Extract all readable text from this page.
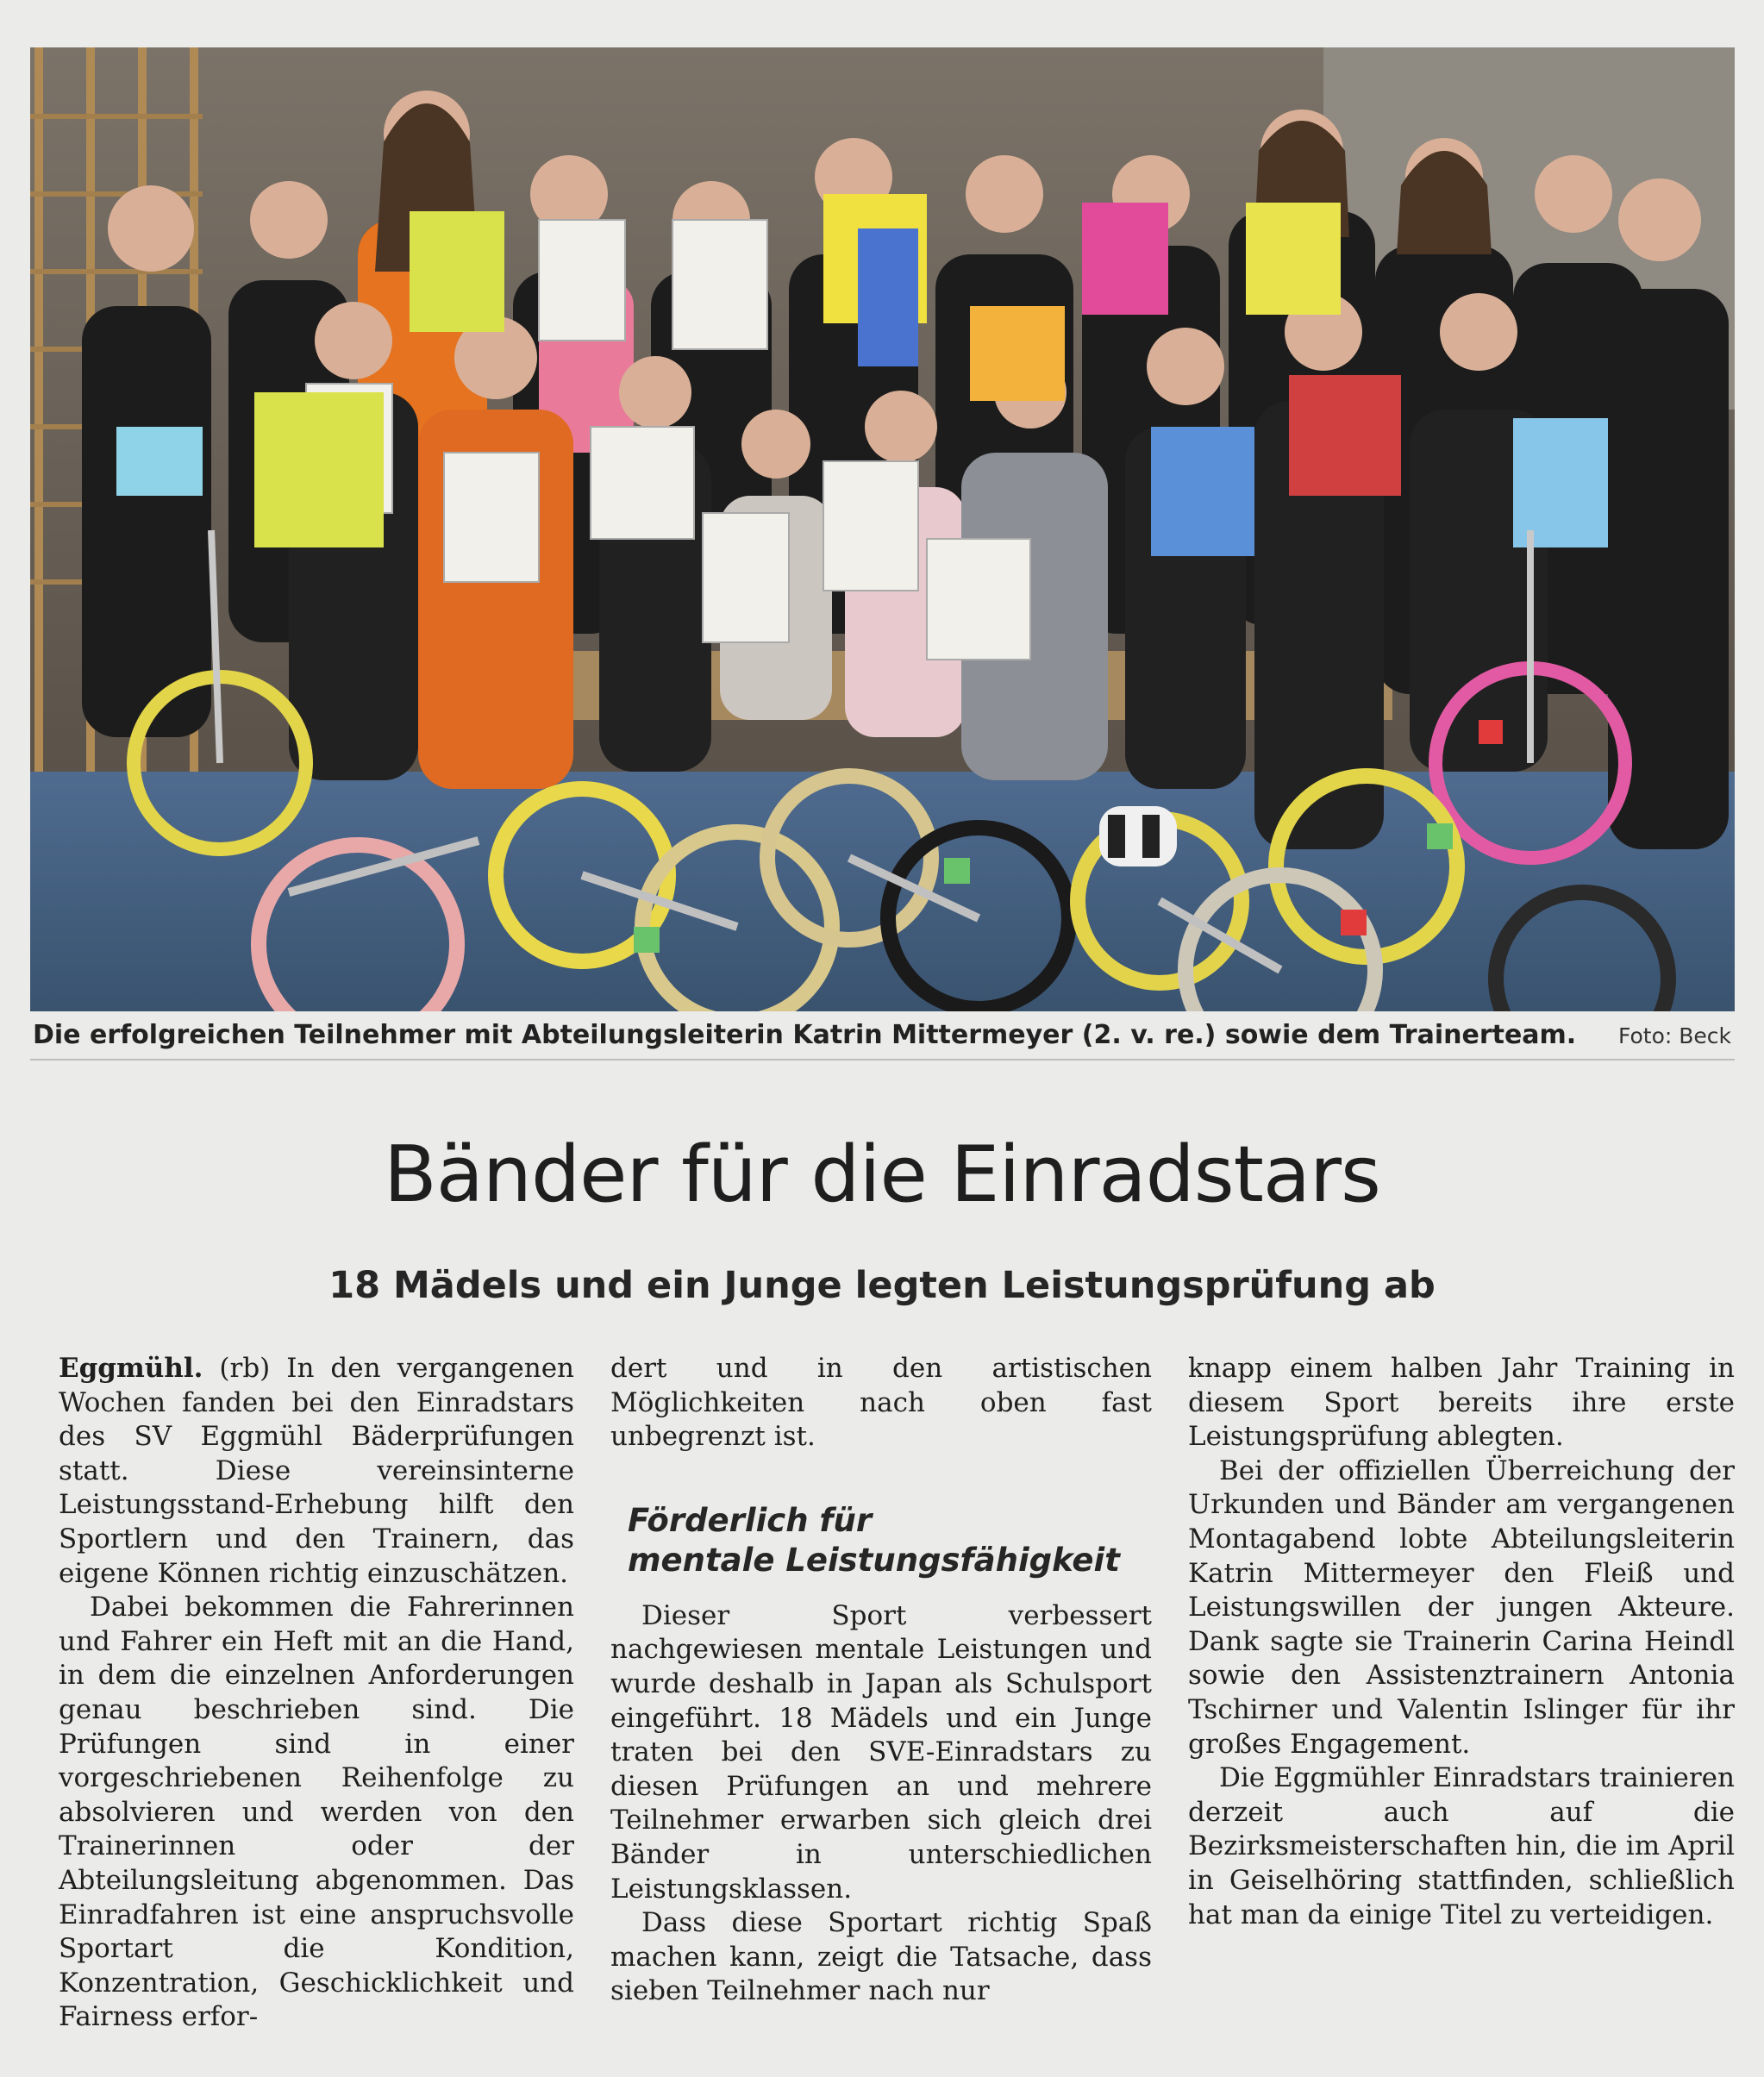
Die erfolgreichen Teilnehmer mit Abteilungsleiterin Katrin Mittermeyer (2. v. re.) sowie dem Trainerteam. Foto: Beck
Bänder für die Einradstars
18 Mädels und ein Junge legten Leistungsprüfung ab

Eggmühl. (rb) In den vergangenen Wochen fanden bei den Einradstars des SV Eggmühl Bäderprüfungen statt. Diese vereinsinterne Leistungsstand-Erhebung hilft den Sportlern und den Trainern, das eigene Können richtig einzuschätzen.

Dabei bekommen die Fahrerinnen und Fahrer ein Heft mit an die Hand, in dem die einzelnen Anforderungen genau beschrieben sind. Die Prüfungen sind in einer vorgeschriebenen Reihenfolge zu absolvieren und werden von den Trainerinnen oder der Abteilungsleitung abgenommen. Das Einradfahren ist eine anspruchsvolle Sportart die Kondition, Konzentration, Geschicklichkeit und Fairness erfor-

dert und in den artistischen Möglichkeiten nach oben fast unbegrenzt ist.

Förderlich für
mentale Leistungsfähigkeit

Dieser Sport verbessert nachgewiesen mentale Leistungen und wurde deshalb in Japan als Schulsport eingeführt. 18 Mädels und ein Junge traten bei den SVE-Einradstars zu diesen Prüfungen an und mehrere Teilnehmer erwarben sich gleich drei Bänder in unterschiedlichen Leistungsklassen.

Dass diese Sportart richtig Spaß machen kann, zeigt die Tatsache, dass sieben Teilnehmer nach nur

knapp einem halben Jahr Training in diesem Sport bereits ihre erste Leistungsprüfung ablegten.

Bei der offiziellen Überreichung der Urkunden und Bänder am vergangenen Montagabend lobte Abteilungsleiterin Katrin Mittermeyer den Fleiß und Leistungswillen der jungen Akteure. Dank sagte sie Trainerin Carina Heindl sowie den Assistenztrainern Antonia Tschirner und Valentin Islinger für ihr großes Engagement.

Die Eggmühler Einradstars trainieren derzeit auch auf die Bezirksmeisterschaften hin, die im April in Geiselhöring stattfinden, schließlich hat man da einige Titel zu verteidigen.
